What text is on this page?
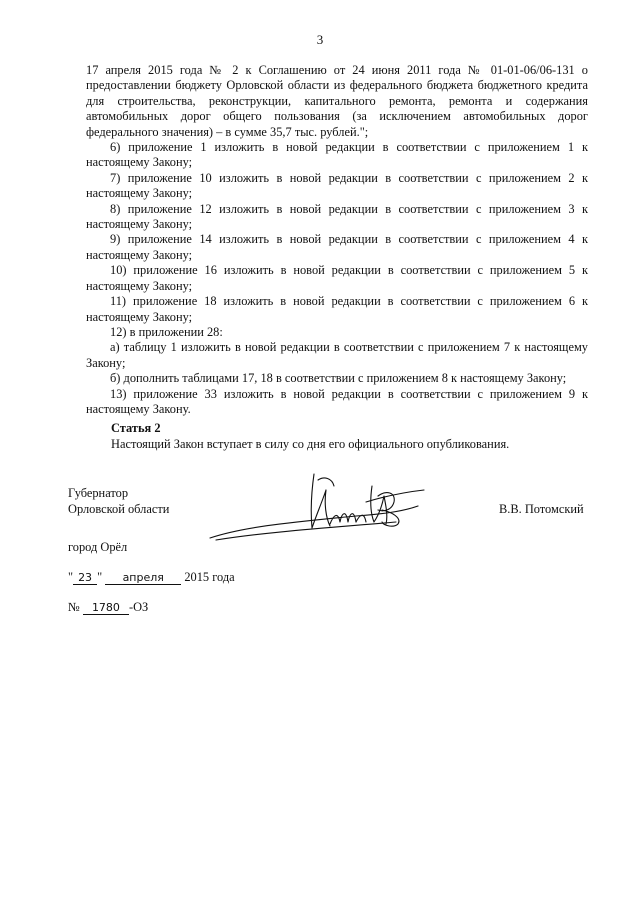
3

17 апреля 2015 года № 2 к Соглашению от 24 июня 2011 года № 01-01-06/06-131 о
предоставлении бюджету Орловской области из федерального бюджета бюджетного кредита
для строительства, реконструкции, капитального ремонта, ремонта и содержания
автомобильных дорог общего пользования (за исключением автомобильных дорог
федерального значения) – в сумме 35,7 тыс. рублей.";

6) приложение 1 изложить в новой редакции в соответствии с приложением 1 к настоящему Закону;

7) приложение 10 изложить в новой редакции в соответствии с приложением 2 к настоящему Закону;

8) приложение 12 изложить в новой редакции в соответствии с приложением 3 к настоящему Закону;

9) приложение 14 изложить в новой редакции в соответствии с приложением 4 к настоящему Закону;

10) приложение 16 изложить в новой редакции в соответствии с приложением 5 к настоящему Закону;

11) приложение 18 изложить в новой редакции в соответствии с приложением 6 к настоящему Закону;

12) в приложении 28:

а) таблицу 1 изложить в новой редакции в соответствии с приложением 7 к настоящему Закону;

б) дополнить таблицами 17, 18 в соответствии с приложением 8 к настоящему Закону;

13) приложение 33 изложить в новой редакции в соответствии с приложением 9 к настоящему Закону.

Статья 2
Настоящий Закон вступает в силу со дня его официального опубликования.
Губернатор
Орловской области	В.В. Потомский
город Орёл
" 23 " апреля 2015 года
№ 1780 -ОЗ
